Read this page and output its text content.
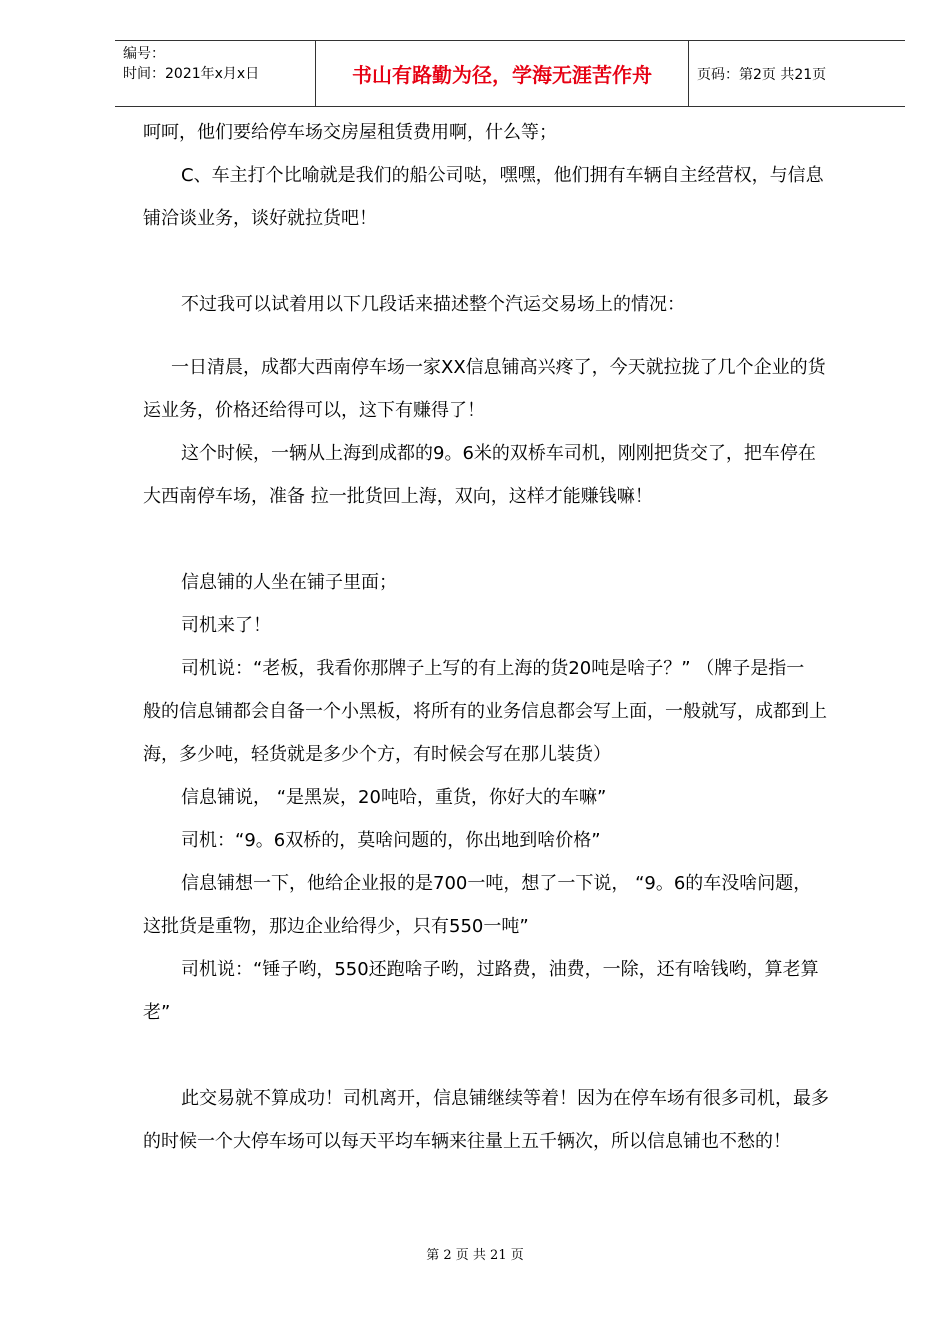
编号：
时间：2021年x月x日	书山有路勤为径，学海无涯苦作舟	页码：第2页 共21页
呵呵，他们要给停车场交房屋租赁费用啊，什么等；
C、车主打个比喻就是我们的船公司哒，嘿嘿，他们拥有车辆自主经营权，与信息
铺洽谈业务，谈好就拉货吧！
不过我可以试着用以下几段话来描述整个汽运交易场上的情况：
一日清晨，成都大西南停车场一家XX信息铺高兴疼了，今天就拉拢了几个企业的货
运业务，价格还给得可以，这下有赚得了！
这个时候，一辆从上海到成都的9。6米的双桥车司机，刚刚把货交了，把车停在
大西南停车场，准备 拉一批货回上海，双向，这样才能赚钱嘛！
信息铺的人坐在铺子里面；
司机来了！
司机说：“老板，我看你那牌子上写的有上海的货20吨是啥子？” （牌子是指一
般的信息铺都会自备一个小黑板，将所有的业务信息都会写上面，一般就写，成都到上
海，多少吨，轻货就是多少个方，有时候会写在那儿装货）
信息铺说， “是黑炭，20吨哈，重货，你好大的车嘛”
司机：“9。6双桥的，莫啥问题的，你出地到啥价格”
信息铺想一下，他给企业报的是700一吨，想了一下说， “9。6的车没啥问题，
这批货是重物，那边企业给得少，只有550一吨”
司机说：“锤子哟，550还跑啥子哟，过路费，油费，一除，还有啥钱哟，算老算
老”
此交易就不算成功！司机离开，信息铺继续等着！因为在停车场有很多司机，最多
的时候一个大停车场可以每天平均车辆来往量上五千辆次，所以信息铺也不愁的！
第 2 页 共 21 页
